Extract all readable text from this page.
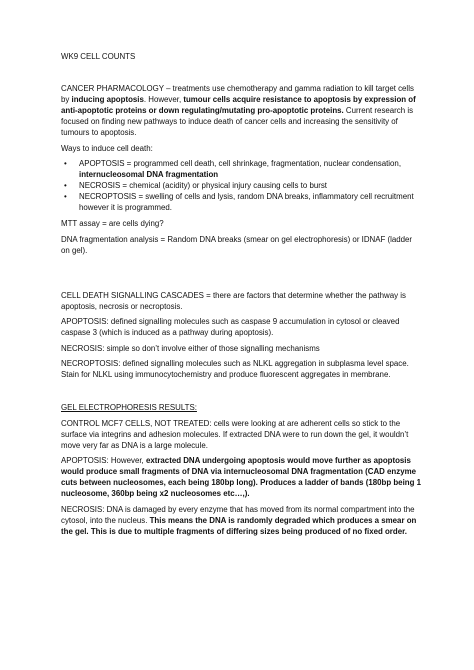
WK9 CELL COUNTS

CANCER PHARMACOLOGY – treatments use chemotherapy and gamma radiation to kill target cells by inducing apoptosis. However, tumour cells acquire resistance to apoptosis by expression of anti-apoptotic proteins or down regulating/mutating pro-apoptotic proteins. Current research is focused on finding new pathways to induce death of cancer cells and increasing the sensitivity of tumours to apoptosis.

Ways to induce cell death:

• APOPTOSIS = programmed cell death, cell shrinkage, fragmentation, nuclear condensation, internucleosomal DNA fragmentation
• NECROSIS = chemical (acidity) or physical injury causing cells to burst
• NECROPTOSIS = swelling of cells and lysis, random DNA breaks, inflammatory cell recruitment however it is programmed.

MTT assay = are cells dying?

DNA fragmentation analysis = Random DNA breaks (smear on gel electrophoresis) or IDNAF (ladder on gel).

CELL DEATH SIGNALLING CASCADES = there are factors that determine whether the pathway is apoptosis, necrosis or necroptosis.

APOPTOSIS: defined signalling molecules such as caspase 9 accumulation in cytosol or cleaved caspase 3 (which is induced as a pathway during apoptosis).

NECROSIS: simple so don’t involve either of those signalling mechanisms

NECROPTOSIS: defined signalling molecules such as NLKL aggregation in subplasma level space. Stain for NLKL using immunocytochemistry and produce fluorescent aggregates in membrane.

GEL ELECTROPHORESIS RESULTS:

CONTROL MCF7 CELLS, NOT TREATED: cells were looking at are adherent cells so stick to the surface via integrins and adhesion molecules. If extracted DNA were to run down the gel, it wouldn’t move very far as DNA is a large molecule.

APOPTOSIS: However, extracted DNA undergoing apoptosis would move further as apoptosis would produce small fragments of DNA via internucleosomal DNA fragmentation (CAD enzyme cuts between nucleosomes, each being 180bp long). Produces a ladder of bands (180bp being 1 nucleosome, 360bp being x2 nucleosomes etc…,).

NECROSIS: DNA is damaged by every enzyme that has moved from its normal compartment into the cytosol, into the nucleus. This means the DNA is randomly degraded which produces a smear on the gel. This is due to multiple fragments of differing sizes being produced of no fixed order.
